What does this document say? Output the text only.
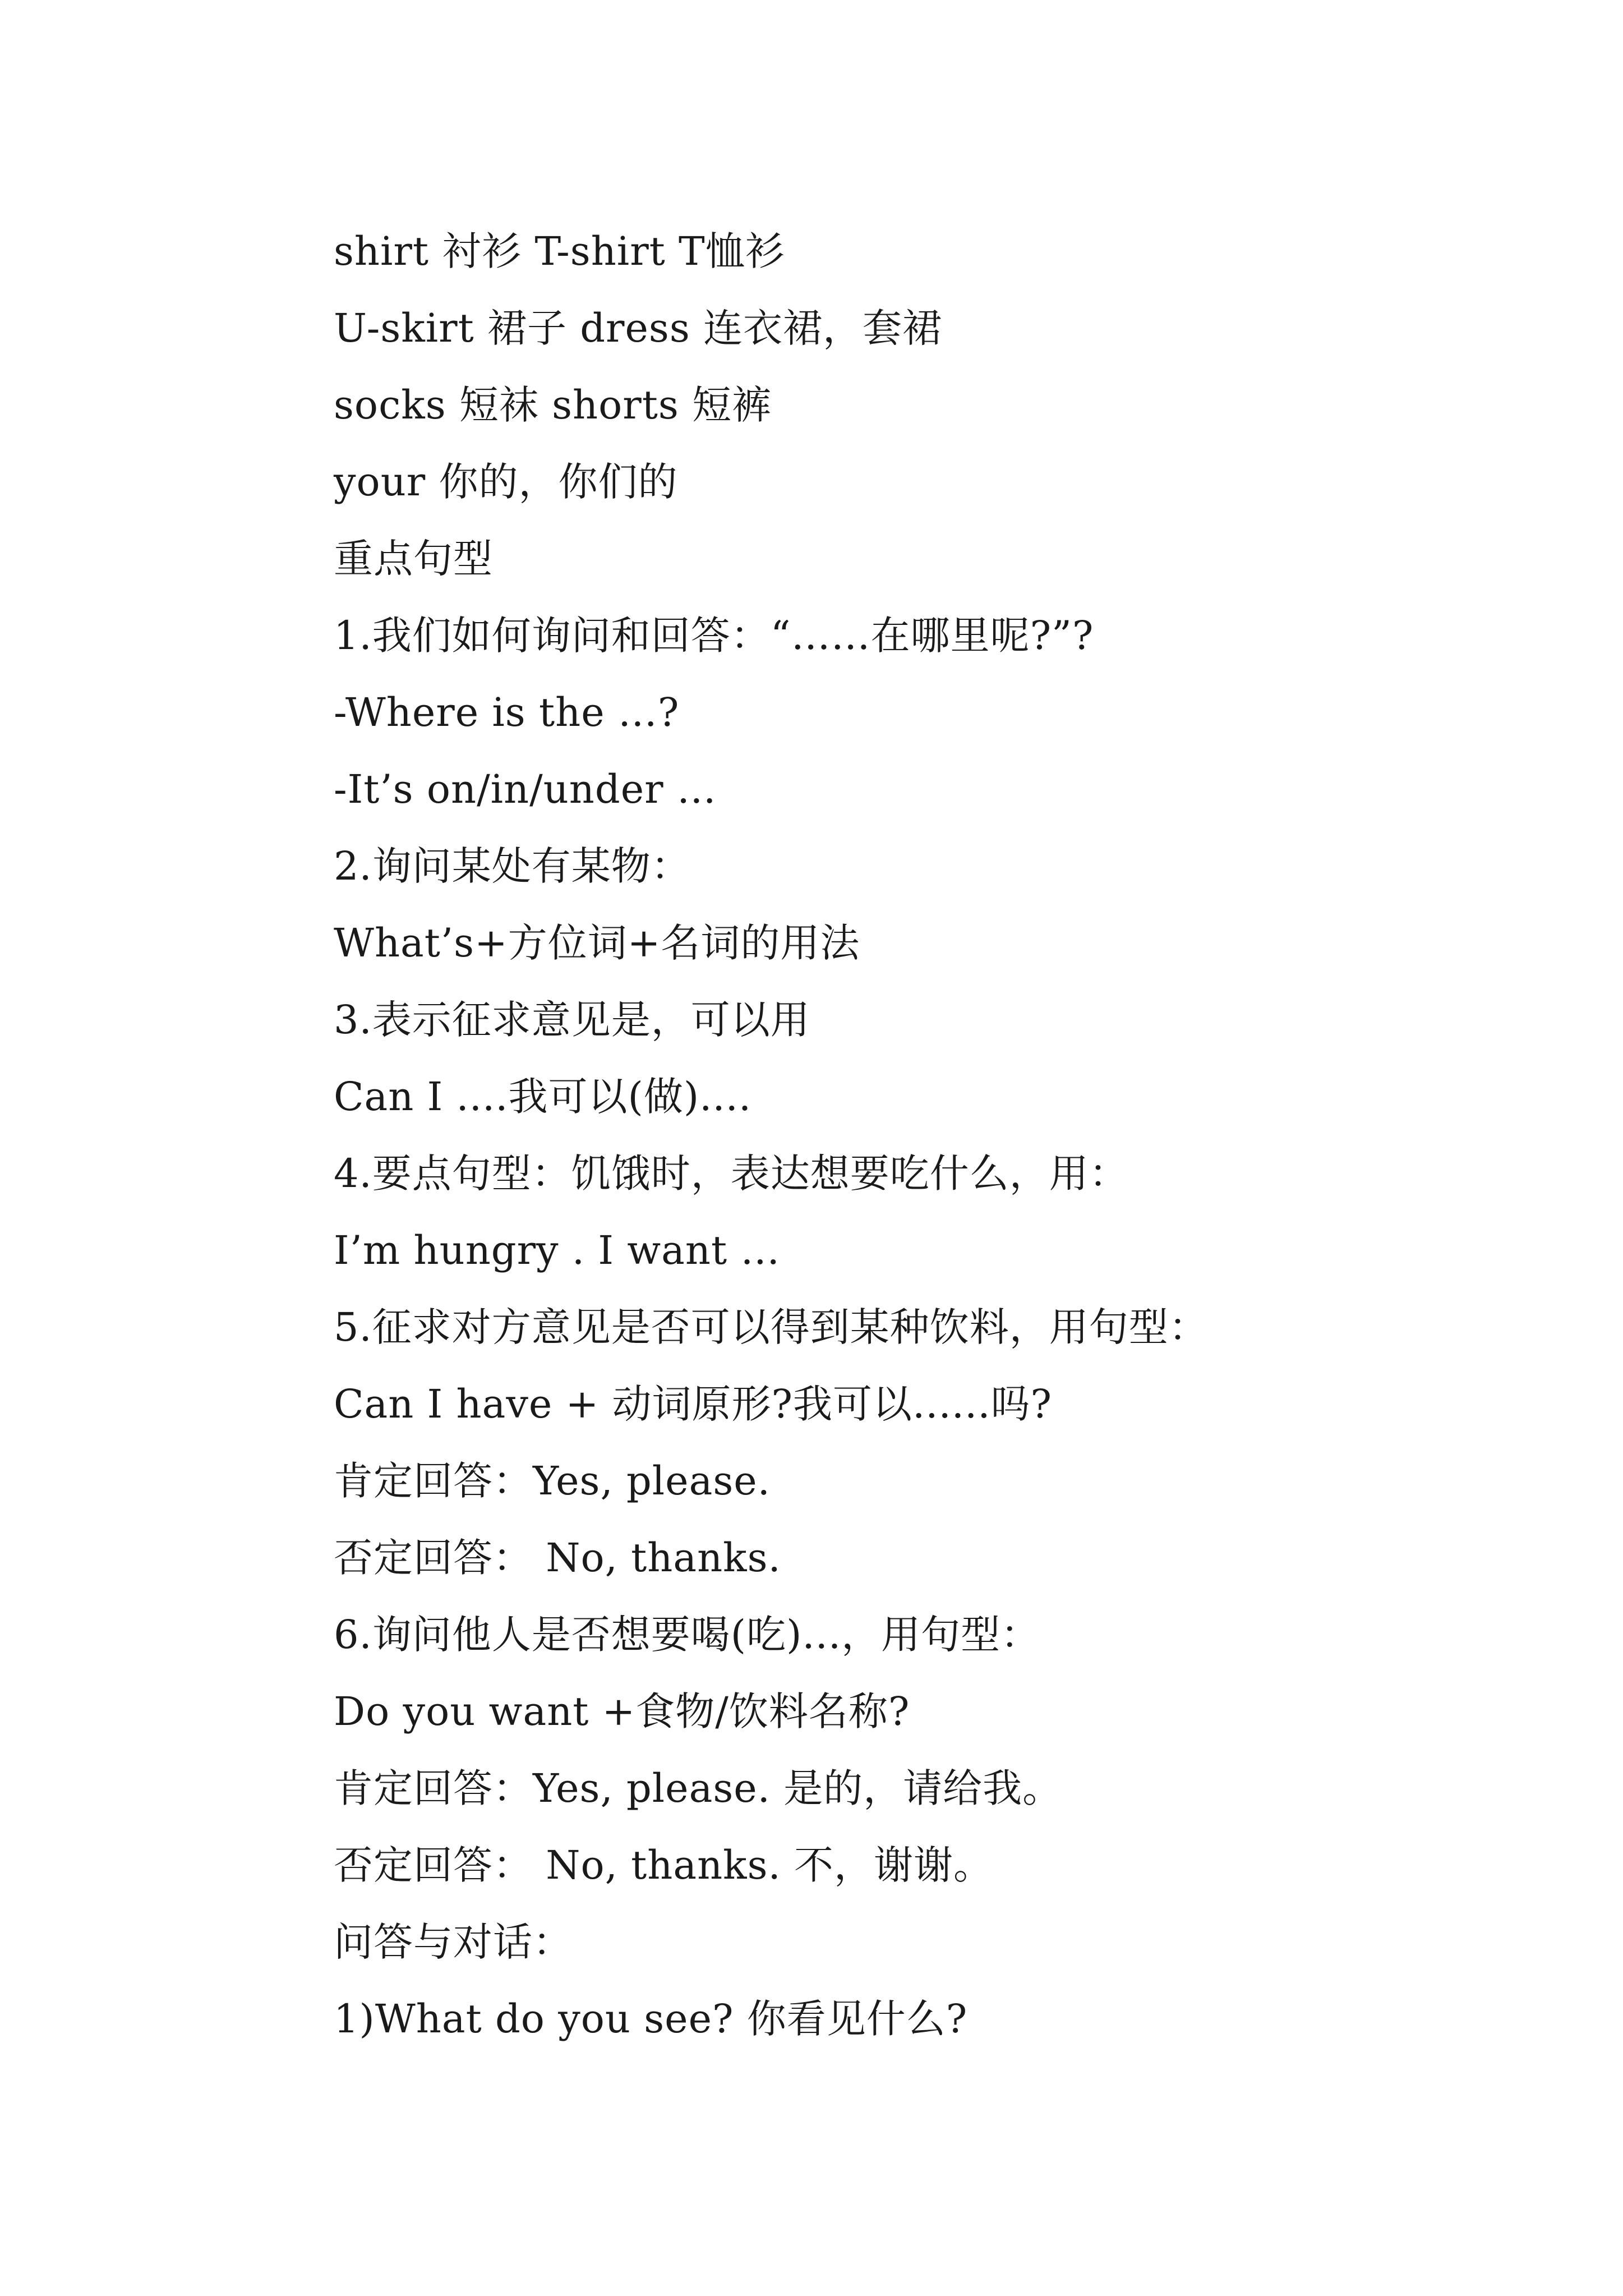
shirt 衬衫 T-shirt T恤衫
U-skirt 裙子 dress 连衣裙，套裙
socks 短袜 shorts 短裤
your 你的，你们的
重点句型
1.我们如何询问和回答：“……在哪里呢?”?
-Where is the …?
-It’s on/in/under …
2.询问某处有某物：
What’s+方位词+名词的用法
3.表示征求意见是，可以用
Can I ....我可以(做)....
4.要点句型：饥饿时，表达想要吃什么，用：
I’m hungry . I want …
5.征求对方意见是否可以得到某种饮料，用句型：
Can I have + 动词原形?我可以......吗?
肯定回答：Yes, please.
否定回答： No, thanks.
6.询问他人是否想要喝(吃)...，用句型：
Do you want +食物/饮料名称?
肯定回答：Yes, please. 是的，请给我。
否定回答： No, thanks. 不，谢谢。
问答与对话：
1)What do you see? 你看见什么?
